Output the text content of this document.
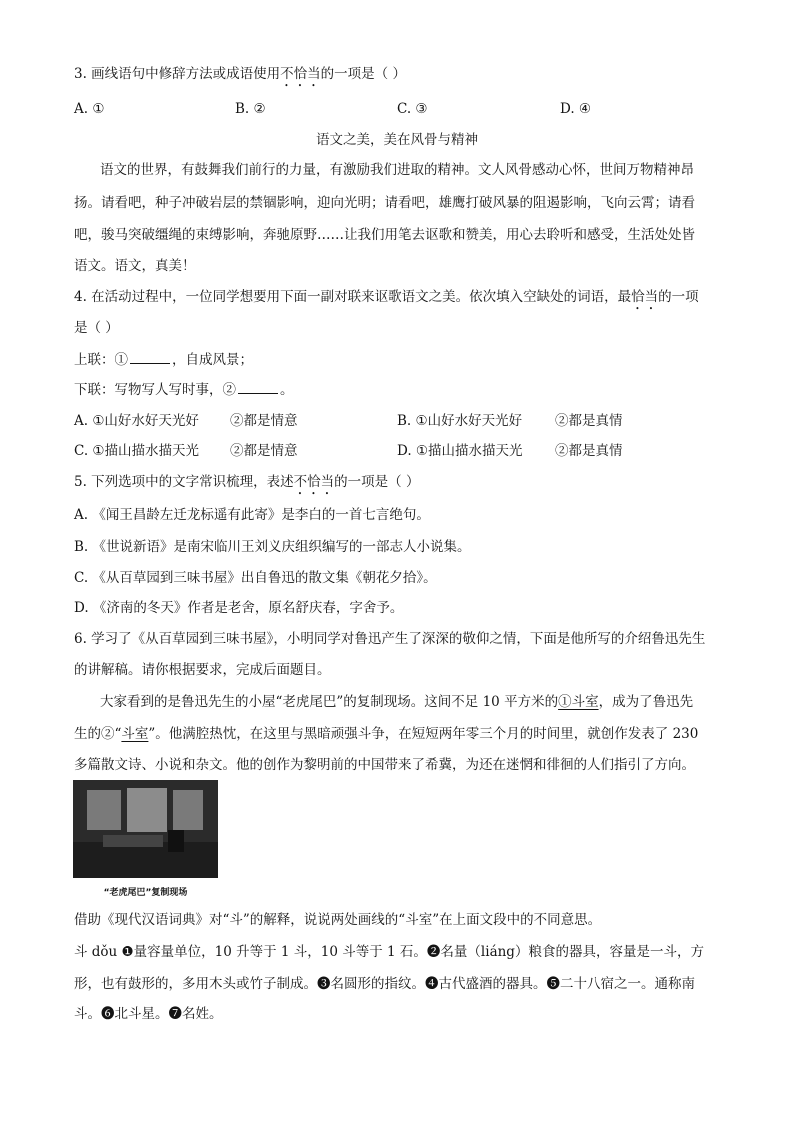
3. 画线语句中修辞方法或成语使用不恰当的一项是（ ）
A. ①	B. ②	C. ③	D. ④
语文之美，美在风骨与精神
语文的世界，有鼓舞我们前行的力量，有激励我们进取的精神。文人风骨感动心怀，世间万物精神昂
扬。请看吧，种子冲破岩层的禁锢影响，迎向光明；请看吧，雄鹰打破风暴的阻遏影响，飞向云霄；请看
吧，骏马突破缰绳的束缚影响，奔驰原野……让我们用笔去讴歌和赞美，用心去聆听和感受，生活处处皆
语文。语文，真美！
4. 在活动过程中，一位同学想要用下面一副对联来讴歌语文之美。依次填入空缺处的词语，最恰当的一项
是（ ）
上联：①	，自成风景；
下联：写物写人写时事，②	。
A. ①山好水好天光好 ②都是情意	B. ①山好水好天光好 ②都是真情
C. ①描山描水描天光 ②都是情意	D. ①描山描水描天光 ②都是真情
5. 下列选项中的文字常识梳理，表述不恰当的一项是（ ）
A. 《闻王昌龄左迁龙标遥有此寄》是李白的一首七言绝句。
B. 《世说新语》是南宋临川王刘义庆组织编写的一部志人小说集。
C. 《从百草园到三味书屋》出自鲁迅的散文集《朝花夕拾》。
D. 《济南的冬天》作者是老舍，原名舒庆春，字舍予。
6. 学习了《从百草园到三味书屋》，小明同学对鲁迅产生了深深的敬仰之情，下面是他所写的介绍鲁迅先生
的讲解稿。请你根据要求，完成后面题目。
大家看到的是鲁迅先生的小屋“老虎尾巴”的复制现场。这间不足 10 平方米的①斗室，成为了鲁迅先
生的②“斗室”。他满腔热忱，在这里与黑暗顽强斗争，在短短两年零三个月的时间里，就创作发表了 230
多篇散文诗、小说和杂文。他的创作为黎明前的中国带来了希冀，为还在迷惘和徘徊的人们指引了方向。
“老虎尾巴”复制现场
借助《现代汉语词典》对“斗”的解释，说说两处画线的“斗室”在上面文段中的不同意思。
斗 dǒu ❶量容量单位，10 升等于 1 斗，10 斗等于 1 石。❷名量（liáng）粮食的器具，容量是一斗，方
形，也有鼓形的，多用木头或竹子制成。❸名圆形的指纹。❹古代盛酒的器具。❺二十八宿之一。通称南
斗。❻北斗星。❼名姓。
